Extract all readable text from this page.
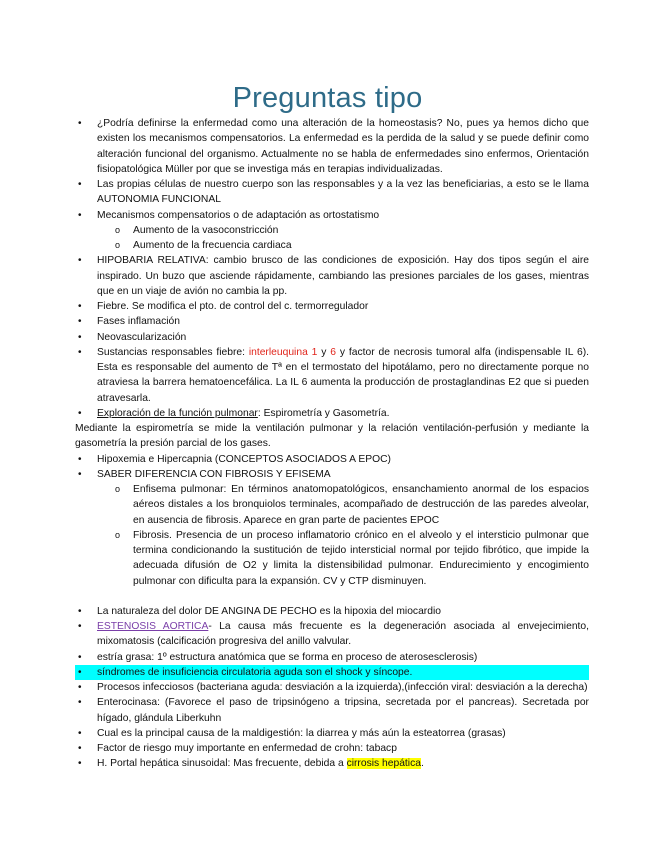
Preguntas tipo
• ¿Podría definirse la enfermedad como una alteración de la homeostasis? No, pues ya hemos dicho que existen los mecanismos compensatorios. La enfermedad es la perdida de la salud y se puede definir como alteración funcional del organismo. Actualmente no se habla de enfermedades sino enfermos, Orientación fisiopatológica Müller por que se investiga más en terapias individualizadas.
• Las propias células de nuestro cuerpo son las responsables y a la vez las beneficiarias, a esto se le llama AUTONOMIA FUNCIONAL
• Mecanismos compensatorios o de adaptación as ortostatismo
o Aumento de la vasoconstricción
o Aumento de la frecuencia cardiaca
• HIPOBARIA RELATIVA: cambio brusco de las condiciones de exposición. Hay dos tipos según el aire inspirado. Un buzo que asciende rápidamente, cambiando las presiones parciales de los gases, mientras que en un viaje de avión no cambia la pp.
• Fiebre. Se modifica el pto. de control del c. termorregulador
• Fases inflamación
• Neovascularización
• Sustancias responsables fiebre: interleuquina 1 y 6 y factor de necrosis tumoral alfa (indispensable IL 6). Esta es responsable del aumento de Tª en el termostato del hipotálamo, pero no directamente porque no atraviesa la barrera hematoencefálica. La IL 6 aumenta la producción de prostaglandinas E2 que si pueden atravesarla.
• Exploración de la función pulmonar: Espirometría y Gasometría.

Mediante la espirometría se mide la ventilación pulmonar y la relación ventilación-perfusión y mediante la gasometría la presión parcial de los gases.

• Hipoxemia e Hipercapnia (CONCEPTOS ASOCIADOS A EPOC)
• SABER DIFERENCIA CON FIBROSIS Y EFISEMA
o Enfisema pulmonar: En términos anatomopatológicos, ensanchamiento anormal de los espacios aéreos distales a los bronquiolos terminales, acompañado de destrucción de las paredes alveolar, en ausencia de fibrosis. Aparece en gran parte de pacientes EPOC
o Fibrosis. Presencia de un proceso inflamatorio crónico en el alveolo y el intersticio pulmonar que termina condicionando la sustitución de tejido intersticial normal por tejido fibrótico, que impide la adecuada difusión de O2 y limita la distensibilidad pulmonar. Endurecimiento y encogimiento pulmonar con dificulta para la expansión. CV y CTP disminuyen.
• La naturaleza del dolor DE ANGINA DE PECHO es la hipoxia del miocardio
• ESTENOSIS AORTICA- La causa más frecuente es la degeneración asociada al envejecimiento, mixomatosis (calcificación progresiva del anillo valvular.
• estría grasa: 1º estructura anatómica que se forma en proceso de aterosesclerosis)
• síndromes de insuficiencia circulatoria aguda son el shock y síncope.
• Procesos infecciosos (bacteriana aguda: desviación a la izquierda),(infección viral: desviación a la derecha)
• Enterocinasa: (Favorece el paso de tripsinógeno a tripsina, secretada por el pancreas). Secretada por hígado, glándula Liberkuhn
• Cual es la principal causa de la maldigestión: la diarrea y más aún la esteatorrea (grasas)
• Factor de riesgo muy importante en enfermedad de crohn: tabacp
• H. Portal hepática sinusoidal: Mas frecuente, debida a cirrosis hepática.
